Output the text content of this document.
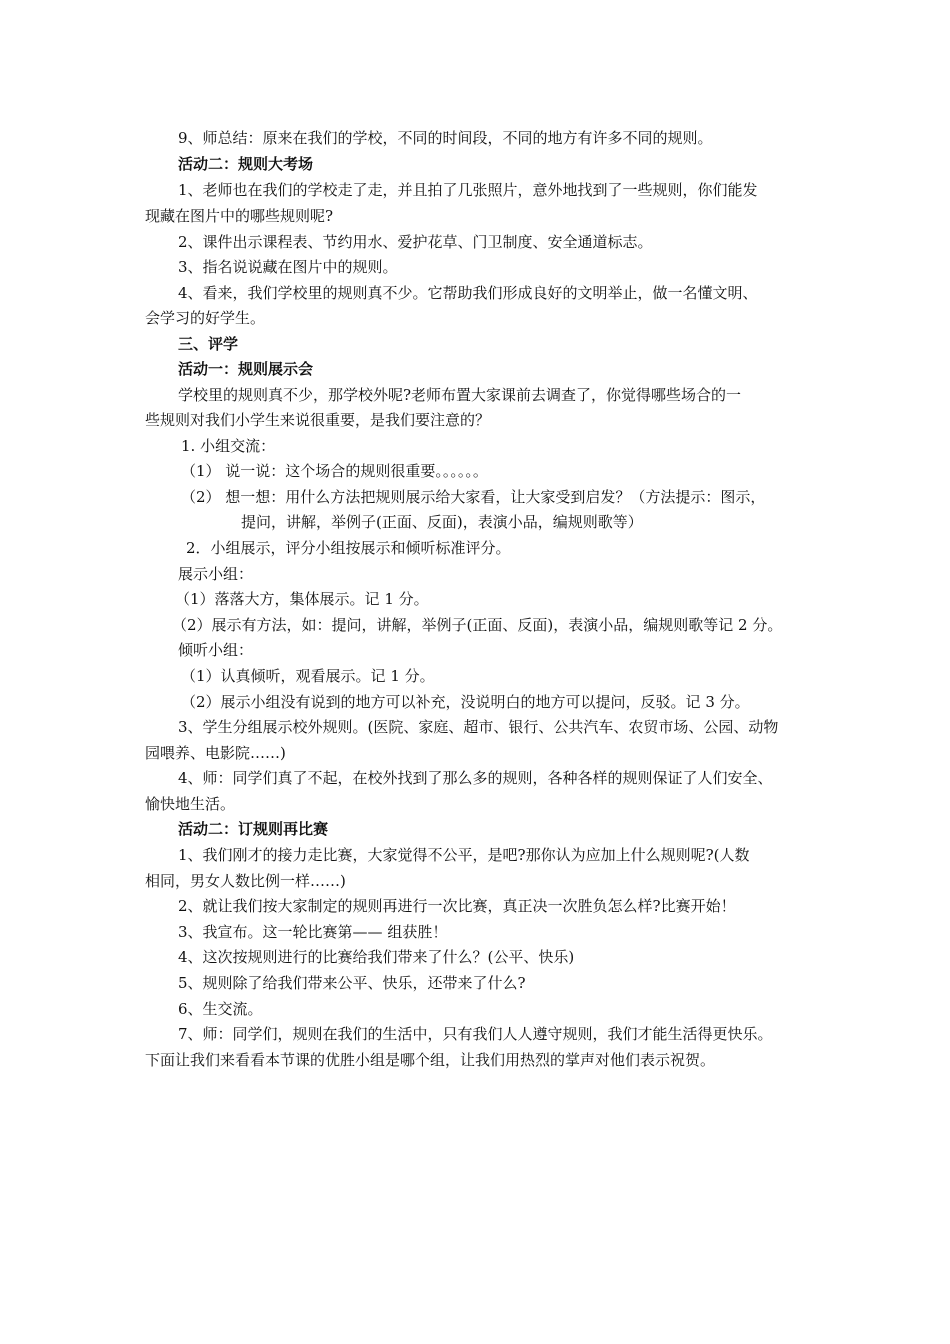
9、师总结：原来在我们的学校，不同的时间段，不同的地方有许多不同的规则。
活动二：规则大考场
1、老师也在我们的学校走了走，并且拍了几张照片，意外地找到了一些规则，你们能发
现藏在图片中的哪些规则呢?
2、课件出示课程表、节约用水、爱护花草、门卫制度、安全通道标志。
3、指名说说藏在图片中的规则。
4、看来，我们学校里的规则真不少。它帮助我们形成良好的文明举止，做一名懂文明、
会学习的好学生。
三、评学
活动一：规则展示会
学校里的规则真不少，那学校外呢?老师布置大家课前去调查了，你觉得哪些场合的一
些规则对我们小学生来说很重要，是我们要注意的？
1. 小组交流：
（1） 说一说：这个场合的规则很重要。。。。。。
（2） 想一想：用什么方法把规则展示给大家看，让大家受到启发？（方法提示：图示，
提问，讲解，举例子(正面、反面)，表演小品，编规则歌等）
2．小组展示，评分小组按展示和倾听标准评分。
展示小组：
（1）落落大方，集体展示。记 1 分。
（2）展示有方法，如：提问，讲解，举例子(正面、反面)，表演小品，编规则歌等记 2 分。
倾听小组：
（1）认真倾听，观看展示。记 1 分。
（2）展示小组没有说到的地方可以补充，没说明白的地方可以提问，反驳。记 3 分。
3、学生分组展示校外规则。(医院、家庭、超市、银行、公共汽车、农贸市场、公园、动物
园喂养、电影院……)
4、师：同学们真了不起，在校外找到了那么多的规则，各种各样的规则保证了人们安全、
愉快地生活。
活动二：订规则再比赛
1、我们刚才的接力走比赛，大家觉得不公平，是吧?那你认为应加上什么规则呢?(人数
相同，男女人数比例一样……)
2、就让我们按大家制定的规则再进行一次比赛，真正决一次胜负怎么样?比赛开始！
3、我宣布。这一轮比赛第—— 组获胜！
4、这次按规则进行的比赛给我们带来了什么？(公平、快乐)
5、规则除了给我们带来公平、快乐，还带来了什么?
6、生交流。
7、师：同学们，规则在我们的生活中，只有我们人人遵守规则，我们才能生活得更快乐。
下面让我们来看看本节课的优胜小组是哪个组，让我们用热烈的掌声对他们表示祝贺。
